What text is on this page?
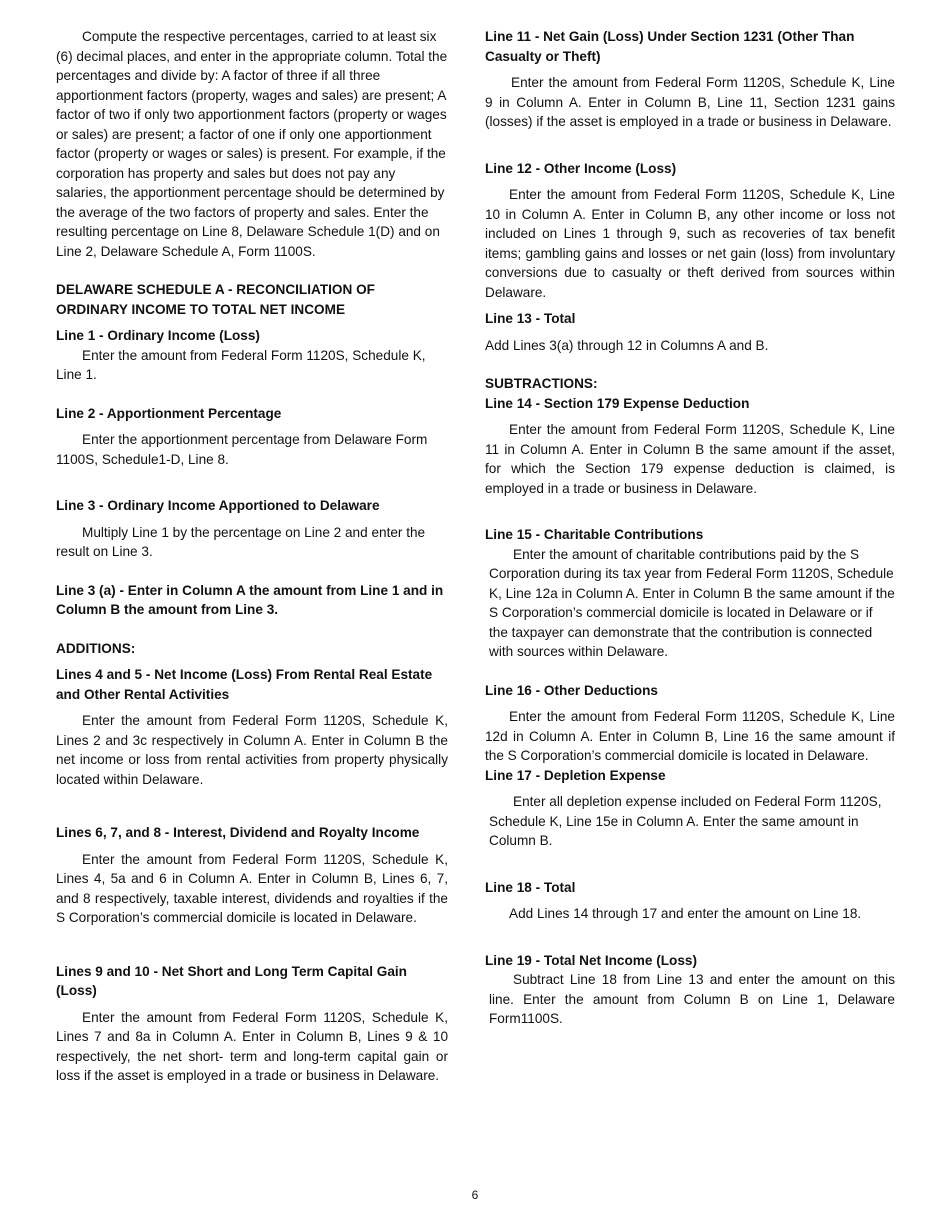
Compute the respective percentages, carried to at least six (6) decimal places, and enter in the appropriate column. Total the percentages and divide by: A factor of three if all three apportionment factors (property, wages and sales) are present; A factor of two if only two apportionment factors (property or wages or sales) are present; a factor of one if only one apportionment factor (property or wages or sales) is present. For example, if the corporation has property and sales but does not pay any salaries, the apportionment percentage should be determined by the average of the two factors of property and sales. Enter the resulting percentage on Line 8, Delaware Schedule 1(D) and on Line 2, Delaware Schedule A, Form 1100S.

DELAWARE SCHEDULE A - RECONCILIATION OF ORDINARY INCOME TO TOTAL NET INCOME
Line 1 - Ordinary Income (Loss)

Enter the amount from Federal Form 1120S, Schedule K, Line 1.

Line 2 - Apportionment Percentage

Enter the apportionment percentage from Delaware Form 1100S, Schedule1-D, Line 8.

Line 3 - Ordinary Income Apportioned to Delaware

Multiply Line 1 by the percentage on Line 2 and enter the result on Line 3.

Line 3 (a) - Enter in Column A the amount from Line 1 and in Column B the amount from Line 3.
ADDITIONS:
Lines 4 and 5 - Net Income (Loss) From Rental Real Estate and Other Rental Activities

Enter the amount from Federal Form 1120S, Schedule K, Lines 2 and 3c respectively in Column A. Enter in Column B the net income or loss from rental activities from property physically located within Delaware.

Lines 6, 7, and 8 - Interest, Dividend and Royalty Income

Enter the amount from Federal Form 1120S, Schedule K, Lines 4, 5a and 6 in Column A. Enter in Column B, Lines 6, 7, and 8 respectively, taxable interest, dividends and royalties if the S Corporation’s commercial domicile is located in Delaware.

Lines 9 and 10 - Net Short and Long Term Capital Gain (Loss)

Enter the amount from Federal Form 1120S, Schedule K, Lines 7 and 8a in Column A. Enter in Column B, Lines 9 & 10 respectively, the net short- term and long-term capital gain or loss if the asset is employed in a trade or business in Delaware.

Line 11 - Net Gain (Loss) Under Section 1231 (Other Than Casualty or Theft)

Enter the amount from Federal Form 1120S, Schedule K, Line 9 in Column A. Enter in Column B, Line 11, Section 1231 gains (losses) if the asset is employed in a trade or business in Delaware.

Line 12 - Other Income (Loss)

Enter the amount from Federal Form 1120S, Schedule K, Line 10 in Column A. Enter in Column B, any other income or loss not included on Lines 1 through 9, such as recoveries of tax benefit items; gambling gains and losses or net gain (loss) from involuntary conversions due to casualty or theft derived from sources within Delaware.

Line 13 - Total

Add Lines 3(a) through 12 in Columns A and B.

SUBTRACTIONS:
Line 14 - Section 179 Expense Deduction

Enter the amount from Federal Form 1120S, Schedule K, Line 11 in Column A. Enter in Column B the same amount if the asset, for which the Section 179 expense deduction is claimed, is employed in a trade or business in Delaware.

Line 15 - Charitable Contributions

Enter the amount of charitable contributions paid by the S Corporation during its tax year from Federal Form 1120S, Schedule K, Line 12a in Column A. Enter in Column B the same amount if the S Corporation’s commercial domicile is located in Delaware or if the taxpayer can demonstrate that the contribution is connected with sources within Delaware.

Line 16 - Other Deductions

Enter the amount from Federal Form 1120S, Schedule K, Line 12d in Column A. Enter in Column B, Line 16 the same amount if the S Corporation’s commercial domicile is located in Delaware.

Line 17 - Depletion Expense

Enter all depletion expense included on Federal Form 1120S, Schedule K, Line 15e in Column A. Enter the same amount in Column B.

Line 18 - Total

Add Lines 14 through 17 and enter the amount on Line 18.

Line 19 - Total Net Income (Loss)

Subtract Line 18 from Line 13 and enter the amount on this line. Enter the amount from Column B on Line 1, Delaware Form1100S.

6
